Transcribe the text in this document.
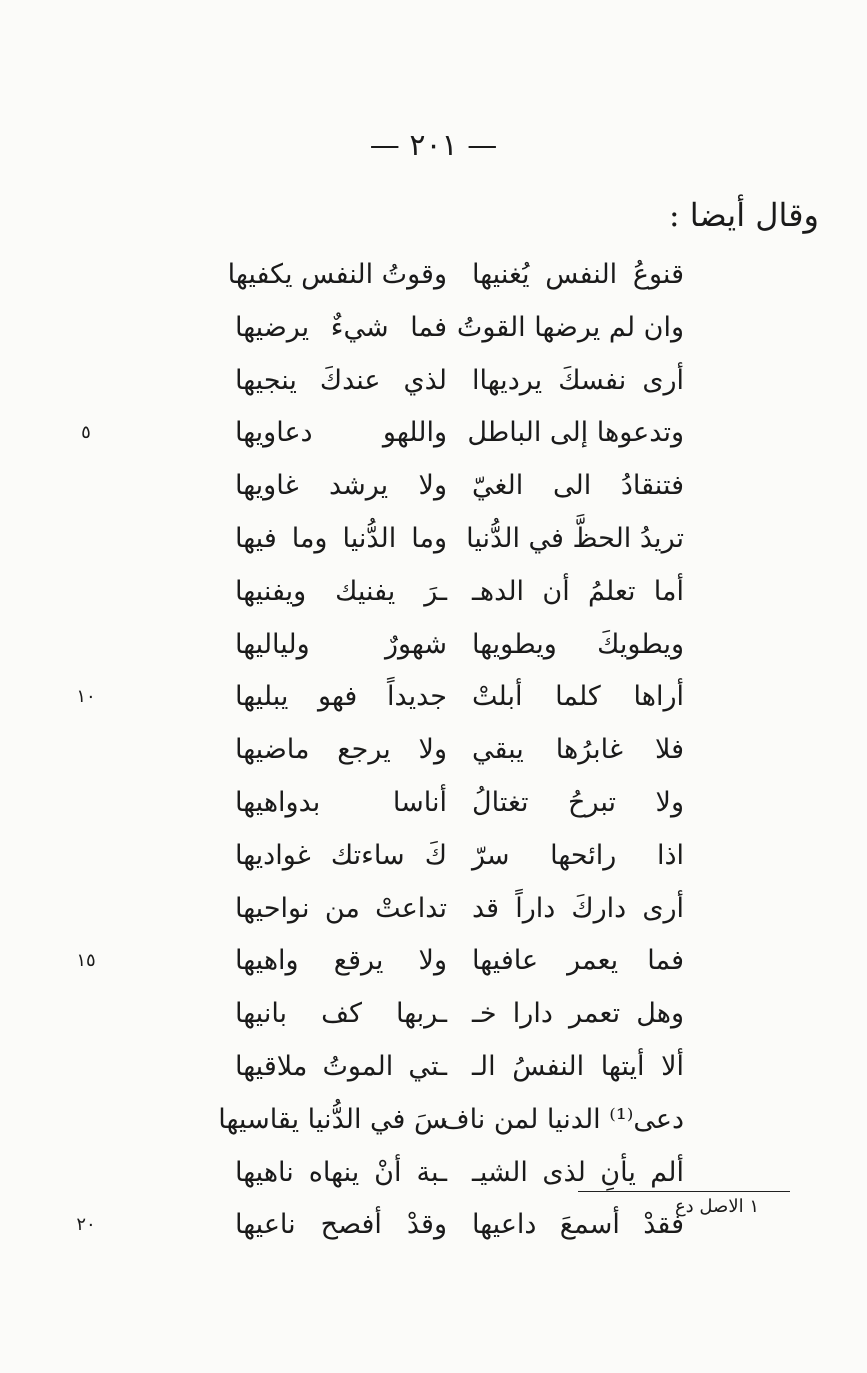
— ٢٠١ —
وقال أيضا :
قنوعُ النفس يُغنيها
وقوتُ النفس يكفيها
وان لم يرضها القوتُ
فما شيءٌ يرضيها
أرى نفسكَ يرديهاا
لذي عندكَ ينجيها
وتدعوها إلى الباطل
واللهو دعاويها
٥
فتنقادُ الى الغيّ
ولا يرشد غاويها
تريدُ الحظَّ في الدُّنيا
وما الدُّنيا وما فيها
أما تعلمُ أن الدهـ
ـرَ يفنيك ويفنيها
ويطويكَ ويطويها
شهورٌ ولياليها
أراها كلما أبلتْ
جديداً فهو يبليها
١٠
فلا غابرُها يبقي
ولا يرجع ماضيها
ولا تبرحُ تغتالُ
أناسا بدواهيها
اذا رائحها سرّ
كَ ساءتك غواديها
أرى داركَ داراً قد
تداعتْ من نواحيها
فما يعمر عافيها
ولا يرقع واهيها
١٥
وهل تعمر دارا خـ
ـربها كف بانيها
ألا أيتها النفسُ الـ
ـتي الموتُ ملاقيها
دعى⁽¹⁾ الدنيا لمن ناف
سَ في الدُّنيا يقاسيها
ألم يأنِ لذى الشيـ
ـبة أنْ ينهاه ناهيها
فقدْ أسمعَ داعيها
وقدْ أفصح ناعيها
٢٠
١ الاصل دع
